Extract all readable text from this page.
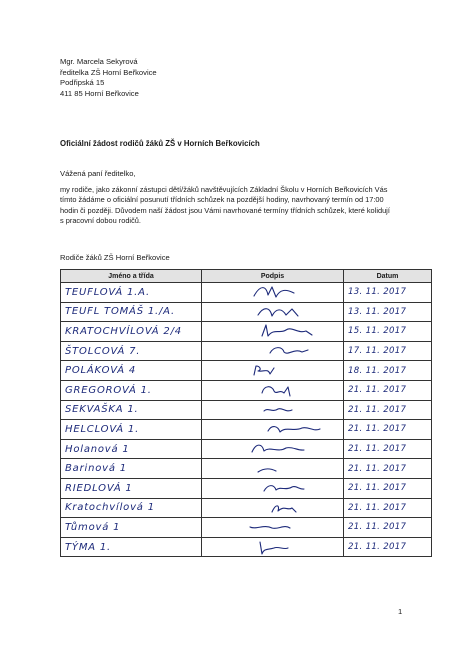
Mgr. Marcela Sekyrová
ředitelka ZŠ Horní Beřkovice
Podřipská 15
411 85 Horní Beřkovice
Oficiální žádost rodičů žáků ZŠ v Horních Beřkovicích
Vážená paní ředitelko,
my rodiče, jako zákonní zástupci dětí/žáků navštěvujících Základní Školu v Horních Beřkovicích Vás
tímto žádáme o oficiální posunutí třídních schůzek na pozdější hodiny, navrhovaný termín od 17:00
hodin či později. Důvodem naší žádost jsou Vámi navrhované termíny třídních schůzek, které kolidují
s pracovní dobou rodičů.
Rodiče žáků ZŠ Horní Beřkovice
Jméno a třída	Podpis	Datum
TEUFLOVÁ 1.A.		13. 11. 2017
TEUFL TOMÁŠ 1./A.		13. 11. 2017
KRATOCHVÍLOVÁ 2/4		15. 11. 2017
ŠTOLCOVÁ 7.		17. 11. 2017
POLÁKOVÁ 4		18. 11. 2017
GREGOROVÁ 1.		21. 11. 2017
SEKVAŠKA 1.		21. 11. 2017
HELCLOVÁ 1.		21. 11. 2017
Holanová 1		21. 11. 2017
Barinová 1		21. 11. 2017
RIEDLOVÁ 1		21. 11. 2017
Kratochvílová 1		21. 11. 2017
Tůmová 1		21. 11. 2017
TÝMA 1.		21. 11. 2017
1
